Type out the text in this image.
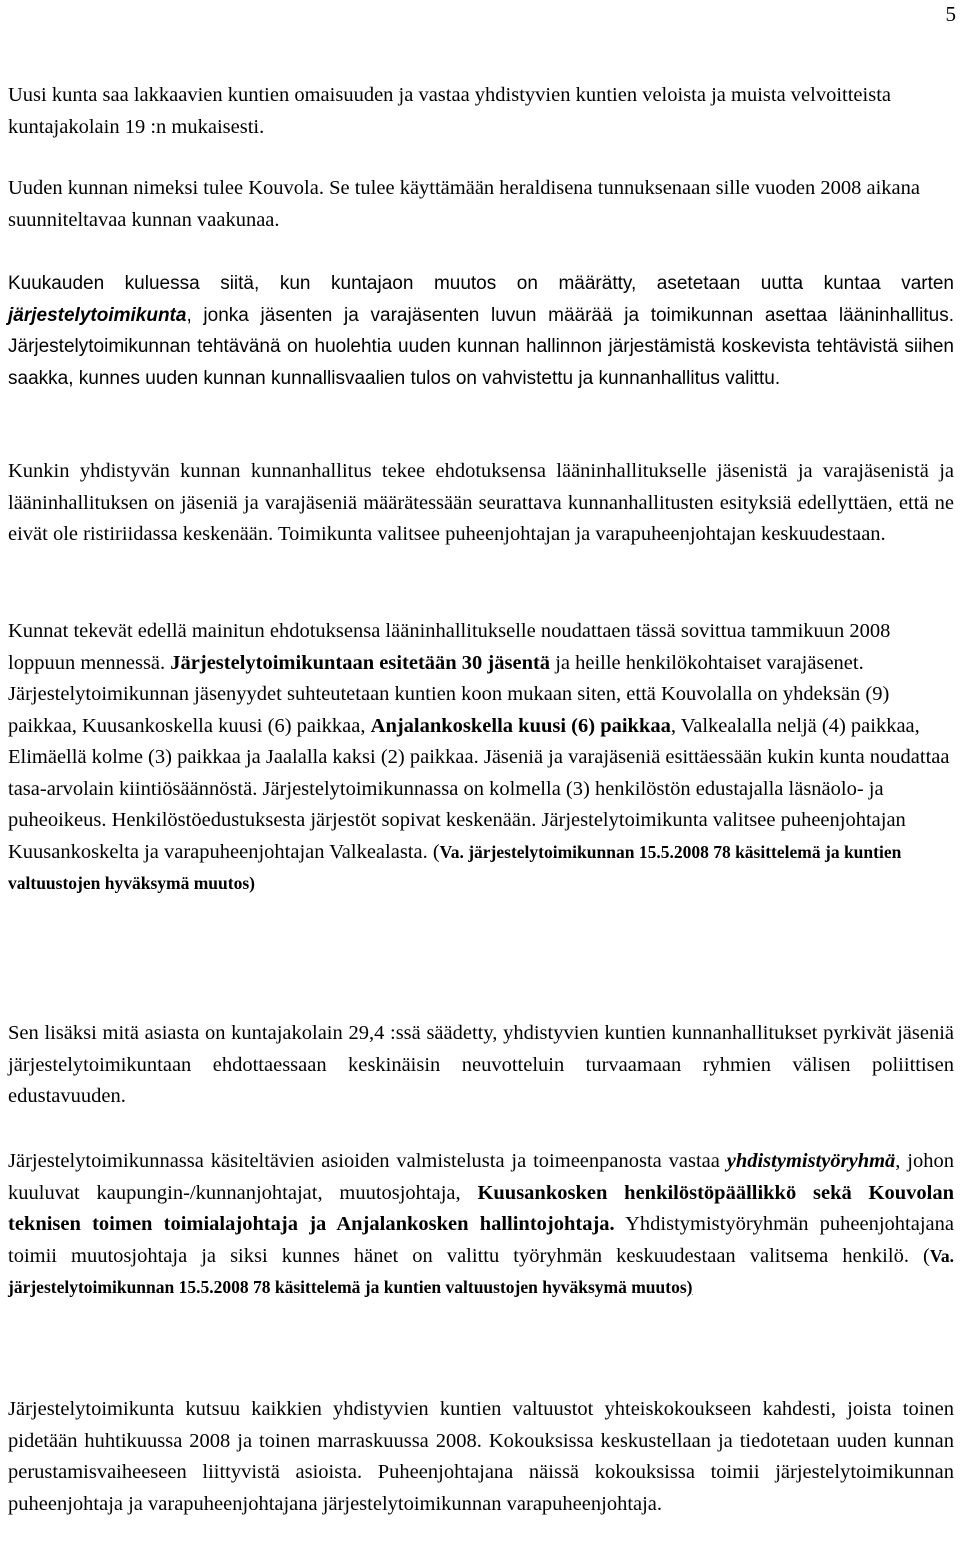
5
Uusi kunta saa lakkaavien kuntien omaisuuden ja vastaa yhdistyvien kuntien veloista ja muista velvoitteista kuntajakolain 19 :n mukaisesti.
Uuden kunnan nimeksi tulee Kouvola. Se tulee käyttämään heraldisena tunnuksenaan sille vuoden 2008 aikana suunniteltavaa kunnan vaakunaa.
Kuukauden kuluessa siitä, kun kuntajaon muutos on määrätty, asetetaan uutta kuntaa varten järjestelytoimikunta, jonka jäsenten ja varajäsenten luvun määrää ja toimikunnan asettaa lääninhallitus. Järjestelytoimikunnan tehtävänä on huolehtia uuden kunnan hallinnon järjestämistä koskevista tehtävistä siihen saakka, kunnes uuden kunnan kunnallisvaalien tulos on vahvistettu ja kunnanhallitus valittu.
Kunkin yhdistyvän kunnan kunnanhallitus tekee ehdotuksensa lääninhallitukselle jäsenistä ja varajäsenistä ja lääninhallituksen on jäseniä ja varajäseniä määrätessään seurattava kunnanhallitusten esityksiä edellyttäen, että ne eivät ole ristiriidassa keskenään. Toimikunta valitsee puheenjohtajan ja varapuheenjohtajan keskuudestaan.
Kunnat tekevät edellä mainitun ehdotuksensa lääninhallitukselle noudattaen tässä sovittua tammikuun 2008 loppuun mennessä. Järjestelytoimikuntaan esitetään 30 jäsentä ja heille henkilökohtaiset varajäsenet. Järjestelytoimikunnan jäsenyydet suhteutetaan kuntien koon mukaan siten, että Kouvolalla on yhdeksän (9) paikkaa, Kuusankoskella kuusi (6) paikkaa, Anjalankoskella kuusi (6) paikkaa, Valkealalla neljä (4) paikkaa, Elimäellä kolme (3) paikkaa ja Jaalalla kaksi (2) paikkaa. Jäseniä ja varajäseniä esittäessään kukin kunta noudattaa tasa-arvolain kiintiösäännöstä. Järjestelytoimikunnassa on kolmella (3) henkilöstön edustajalla läsnäolo- ja puheoikeus. Henkilöstöedustuksesta järjestöt sopivat keskenään. Järjestelytoimikunta valitsee puheenjohtajan Kuusankoskelta ja varapuheenjohtajan Valkealasta. (Va. järjestelytoimikunnan 15.5.2008 78 käsittelemä ja kuntien valtuustojen hyväksymä muutos)
Sen lisäksi mitä asiasta on kuntajakolain 29,4 :ssä säädetty, yhdistyvien kuntien kunnanhallitukset pyrkivät jäseniä järjestelytoimikuntaan ehdottaessaan keskinäisin neuvotteluin turvaamaan ryhmien välisen poliittisen edustavuuden.
Järjestelytoimikunnassa käsiteltävien asioiden valmistelusta ja toimeenpanosta vastaa yhdistymistyöryhmä, johon kuuluvat kaupungin-/kunnanjohtajat, muutosjohtaja, Kuusankosken henkilöstöpäällikkö sekä Kouvolan teknisen toimen toimialajohtaja ja Anjalankosken hallintojohtaja. Yhdistymistyöryhmän puheenjohtajana toimii muutosjohtaja ja siksi kunnes hänet on valittu työryhmän keskuudestaan valitsema henkilö. (Va. järjestelytoimikunnan 15.5.2008 78 käsittelemä ja kuntien valtuustojen hyväksymä muutos)
Järjestelytoimikunta kutsuu kaikkien yhdistyvien kuntien valtuustot yhteiskokoukseen kahdesti, joista toinen pidetään huhtikuussa 2008 ja toinen marraskuussa 2008. Kokouksissa keskustellaan ja tiedotetaan uuden kunnan perustamisvaiheeseen liittyvistä asioista. Puheenjohtajana näissä kokouksissa toimii järjestelytoimikunnan puheenjohtaja ja varapuheenjohtajana järjestelytoimikunnan varapuheenjohtaja.
